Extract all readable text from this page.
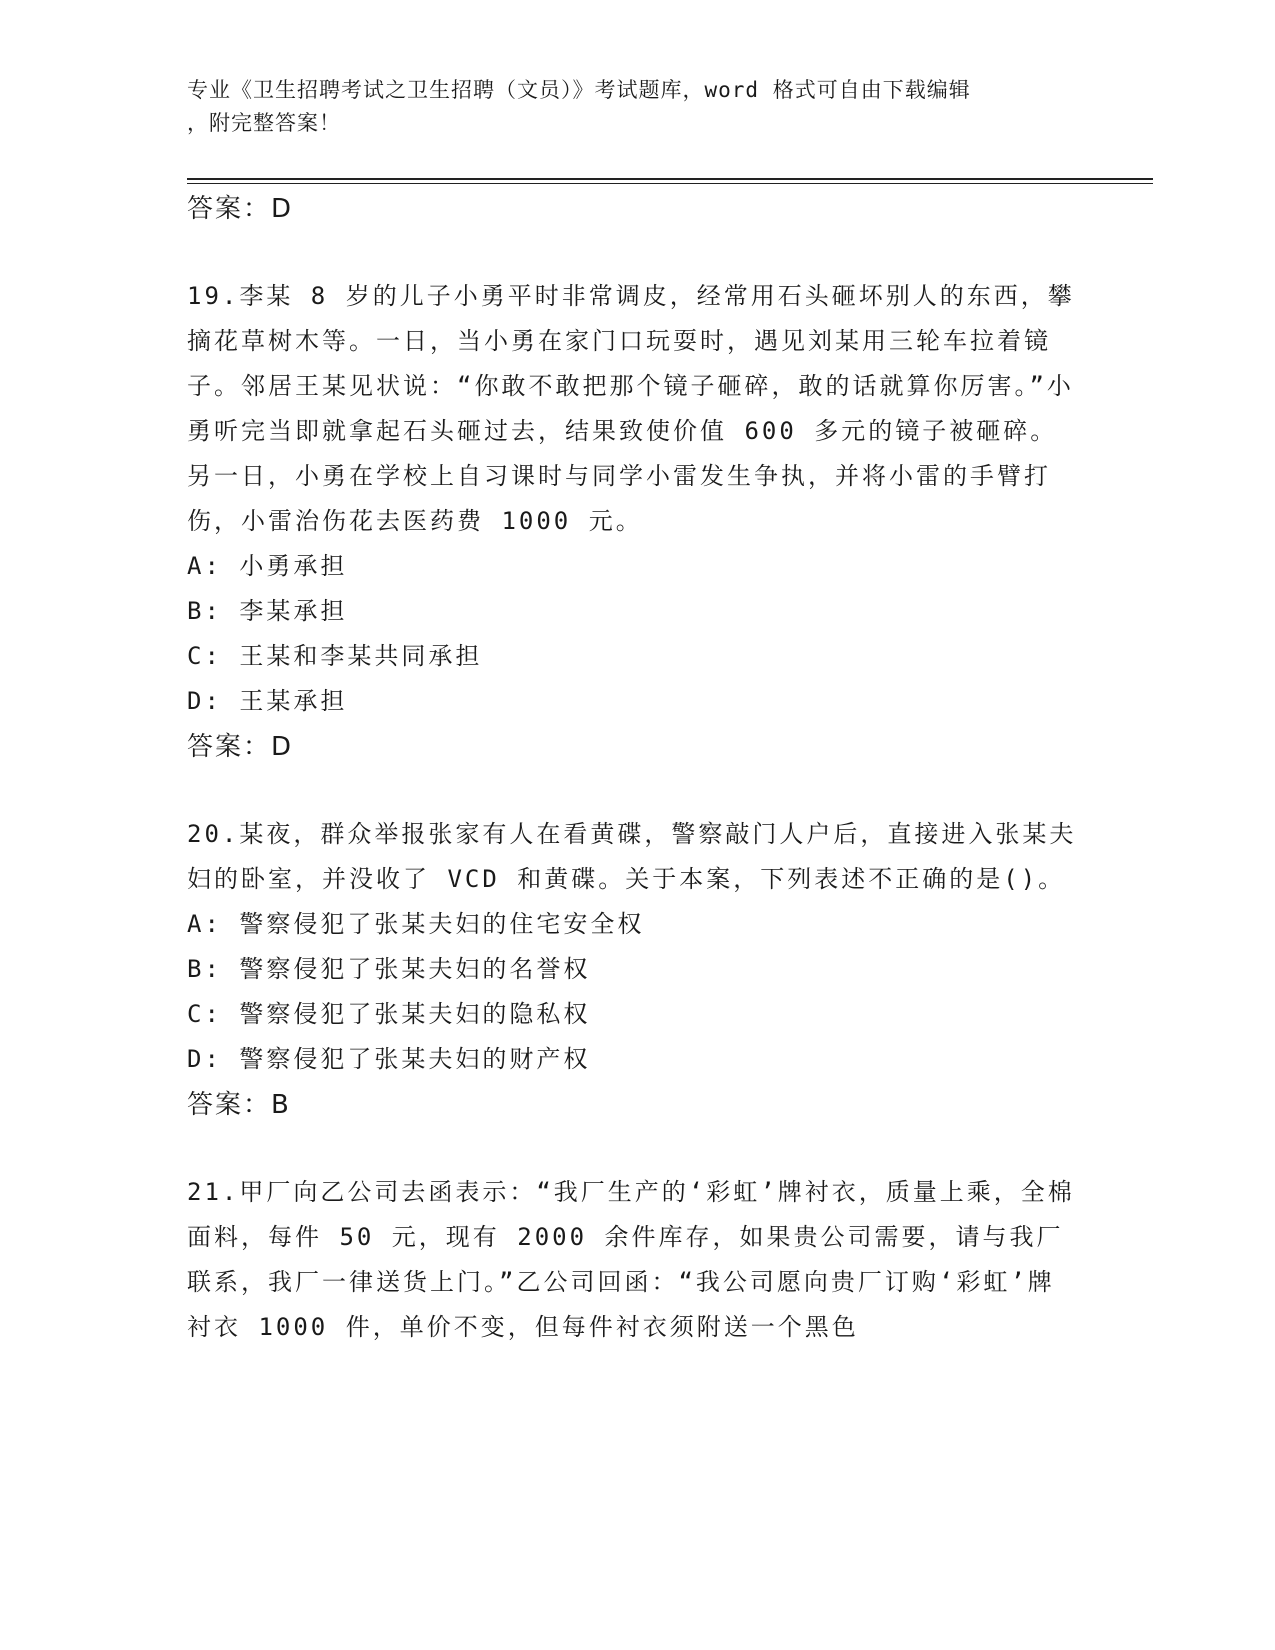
专业《卫生招聘考试之卫生招聘（文员）》考试题库，word 格式可自由下载编辑
，附完整答案！
答案：D

19.李某 8 岁的儿子小勇平时非常调皮，经常用石头砸坏别人的东西，攀摘花草树木等。一日，当小勇在家门口玩耍时，遇见刘某用三轮车拉着镜子。邻居王某见状说：“你敢不敢把那个镜子砸碎，敢的话就算你厉害。”小勇听完当即就拿起石头砸过去，结果致使价值 600 多元的镜子被砸碎。另一日，小勇在学校上自习课时与同学小雷发生争执，并将小雷的手臂打伤，小雷治伤花去医药费 1000 元。

A: 小勇承担
B: 李某承担
C: 王某和李某共同承担
D: 王某承担
答案：D

20.某夜，群众举报张家有人在看黄碟，警察敲门人户后，直接进入张某夫妇的卧室，并没收了 VCD 和黄碟。关于本案，下列表述不正确的是()。

A: 警察侵犯了张某夫妇的住宅安全权
B: 警察侵犯了张某夫妇的名誉权
C: 警察侵犯了张某夫妇的隐私权
D: 警察侵犯了张某夫妇的财产权
答案：B

21.甲厂向乙公司去函表示：“我厂生产的‘彩虹’牌衬衣，质量上乘，全棉面料，每件 50 元，现有 2000 余件库存，如果贵公司需要，请与我厂联系，我厂一律送货上门。”乙公司回函：“我公司愿向贵厂订购‘彩虹’牌衬衣 1000 件，单价不变，但每件衬衣须附送一个黑色
